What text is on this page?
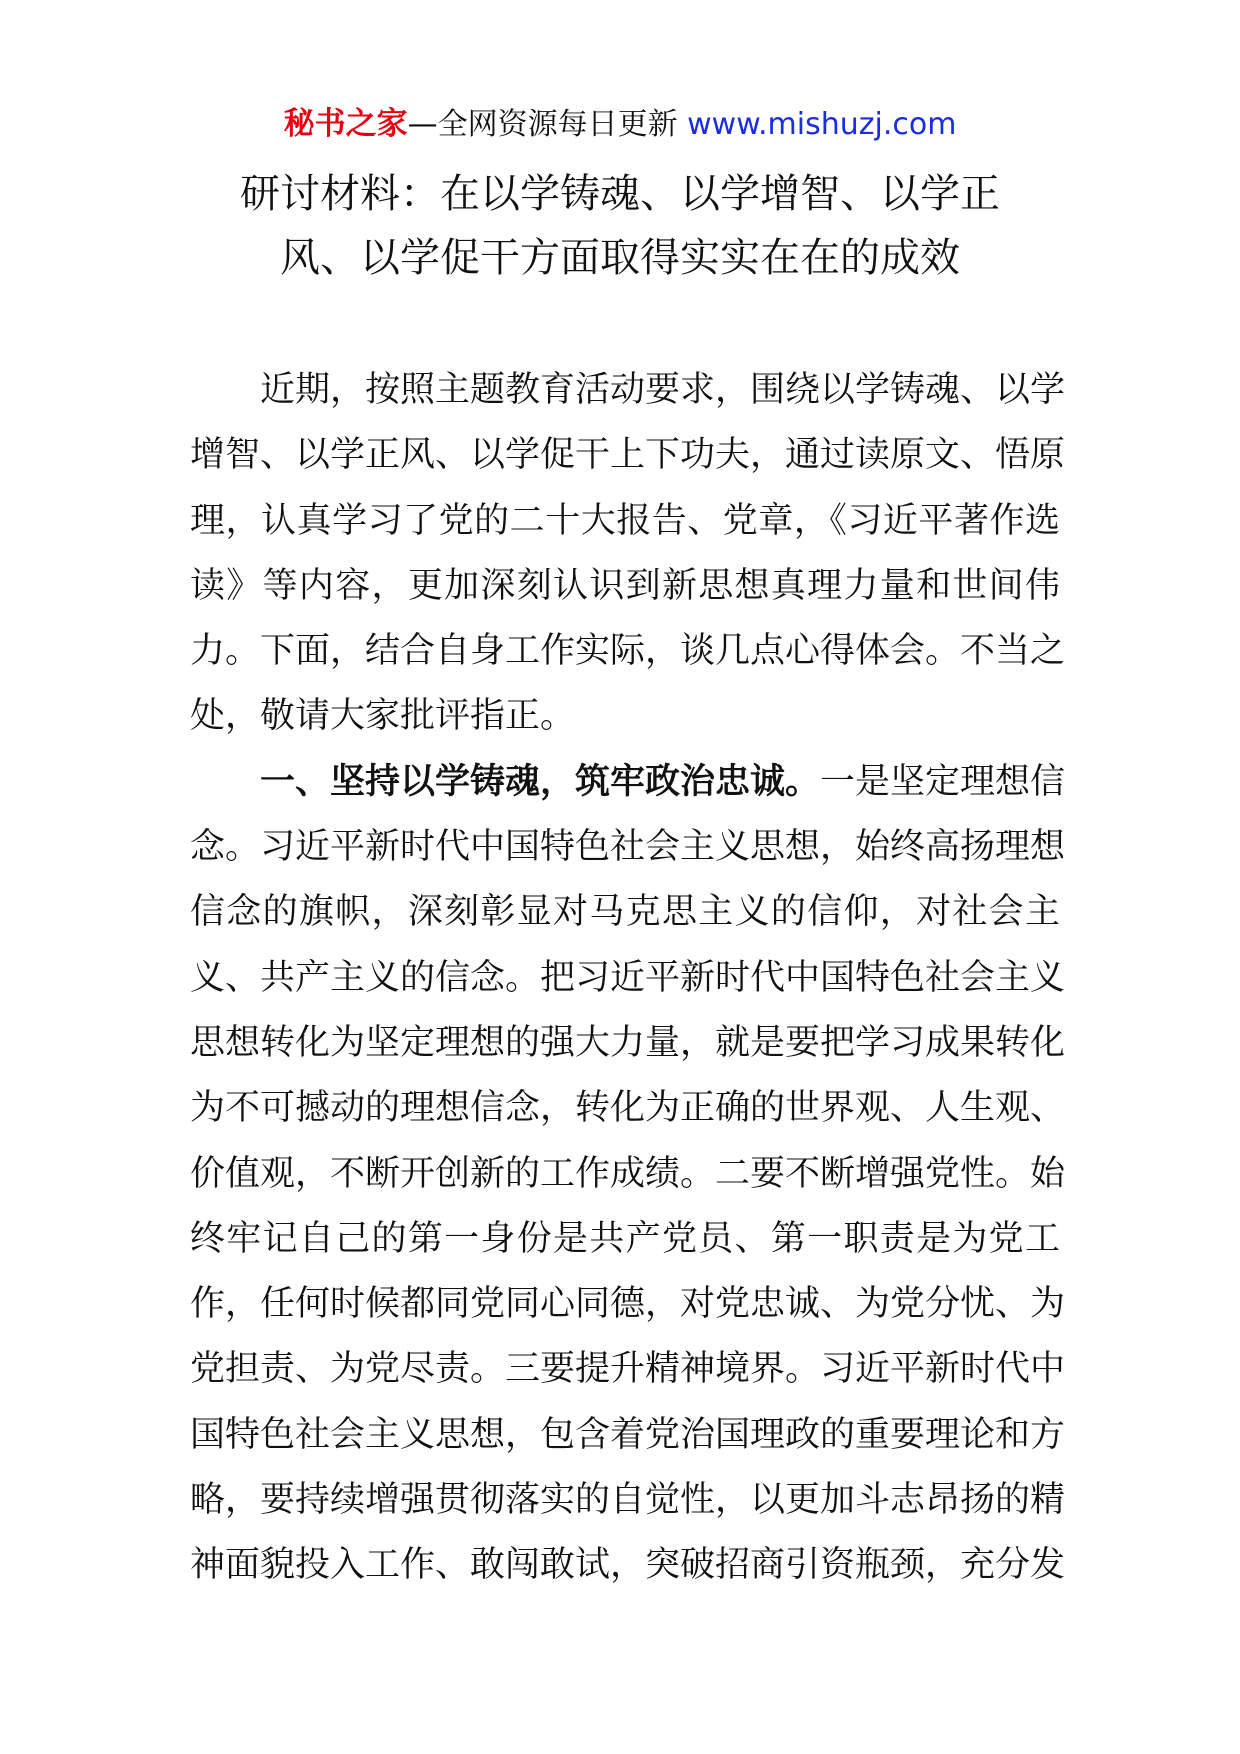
秘书之家—全网资源每日更新 www.mishuzj.com
研讨材料：在以学铸魂、以学增智、以学正
风、以学促干方面取得实实在在的成效
近期，按照主题教育活动要求，围绕以学铸魂、以学
增智、以学正风、以学促干上下功夫，通过读原文、悟原
理，认真学习了党的二十大报告、党章，《习近平著作选
读》等内容，更加深刻认识到新思想真理力量和世间伟
力。下面，结合自身工作实际，谈几点心得体会。不当之
处，敬请大家批评指正。
一、坚持以学铸魂，筑牢政治忠诚。一是坚定理想信
念。习近平新时代中国特色社会主义思想，始终高扬理想
信念的旗帜，深刻彰显对马克思主义的信仰，对社会主
义、共产主义的信念。把习近平新时代中国特色社会主义
思想转化为坚定理想的强大力量，就是要把学习成果转化
为不可撼动的理想信念，转化为正确的世界观、人生观、
价值观，不断开创新的工作成绩。二要不断增强党性。始
终牢记自己的第一身份是共产党员、第一职责是为党工
作，任何时候都同党同心同德，对党忠诚、为党分忧、为
党担责、为党尽责。三要提升精神境界。习近平新时代中
国特色社会主义思想，包含着党治国理政的重要理论和方
略，要持续增强贯彻落实的自觉性，以更加斗志昂扬的精
神面貌投入工作、敢闯敢试，突破招商引资瓶颈，充分发
